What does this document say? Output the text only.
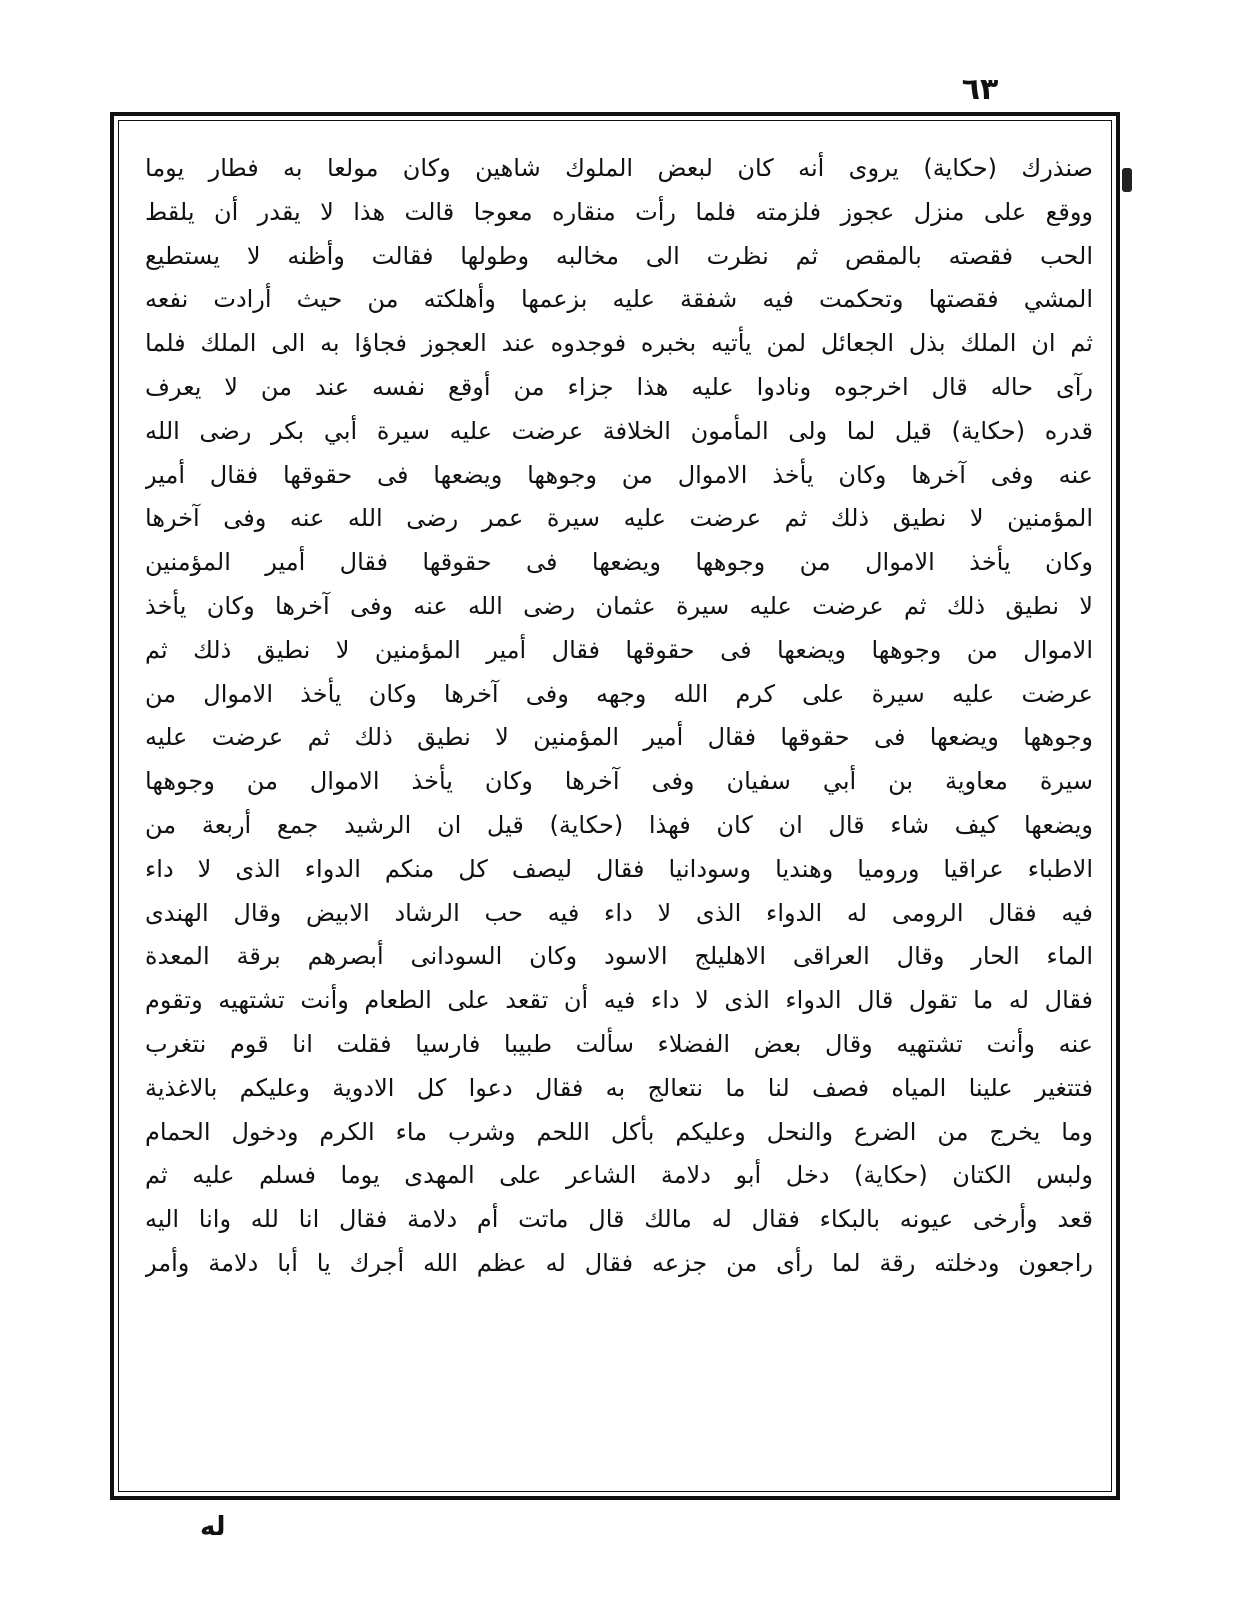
٦٣
صنذرك (حكاية) يروى أنه كان لبعض الملوك شاهين وكان مولعا به فطار يوما
ووقع على منزل عجوز فلزمته فلما رأت منقاره معوجا قالت هذا لا يقدر أن يلقط
الحب فقصته بالمقص ثم نظرت الى مخالبه وطولها فقالت وأظنه لا يستطيع
المشي فقصتها وتحكمت فيه شفقة عليه بزعمها وأهلكته من حيث أرادت نفعه
ثم ان الملك بذل الجعائل لمن يأتيه بخبره فوجدوه عند العجوز فجاؤا به الى الملك فلما
رآى حاله قال اخرجوه ونادوا عليه هذا جزاء من أوقع نفسه عند من لا يعرف
قدره (حكاية) قيل لما ولى المأمون الخلافة عرضت عليه سيرة أبي بكر رضى الله
عنه وفى آخرها وكان يأخذ الاموال من وجوهها ويضعها فى حقوقها فقال أمير
المؤمنين لا نطيق ذلك ثم عرضت عليه سيرة عمر رضى الله عنه وفى آخرها
وكان يأخذ الاموال من وجوهها ويضعها فى حقوقها فقال أمير المؤمنين
لا نطيق ذلك ثم عرضت عليه سيرة عثمان رضى الله عنه وفى آخرها وكان يأخذ
الاموال من وجوهها ويضعها فى حقوقها فقال أمير المؤمنين لا نطيق ذلك ثم
عرضت عليه سيرة على كرم الله وجهه وفى آخرها وكان يأخذ الاموال من
وجوهها ويضعها فى حقوقها فقال أمير المؤمنين لا نطيق ذلك ثم عرضت عليه
سيرة معاوية بن أبي سفيان وفى آخرها وكان يأخذ الاموال من وجوهها
ويضعها كيف شاء قال ان كان فهذا (حكاية) قيل ان الرشيد جمع أربعة من
الاطباء عراقيا وروميا وهنديا وسودانيا فقال ليصف كل منكم الدواء الذى لا داء
فيه فقال الرومى له الدواء الذى لا داء فيه حب الرشاد الابيض وقال الهندى
الماء الحار وقال العراقى الاهليلج الاسود وكان السودانى أبصرهم برقة المعدة
فقال له ما تقول قال الدواء الذى لا داء فيه أن تقعد على الطعام وأنت تشتهيه وتقوم
عنه وأنت تشتهيه وقال بعض الفضلاء سألت طبيبا فارسيا فقلت انا قوم نتغرب
فتتغير علينا المياه فصف لنا ما نتعالج به فقال دعوا كل الادوية وعليكم بالاغذية
وما يخرج من الضرع والنحل وعليكم بأكل اللحم وشرب ماء الكرم ودخول الحمام
ولبس الكتان (حكاية) دخل أبو دلامة الشاعر على المهدى يوما فسلم عليه ثم
قعد وأرخى عيونه بالبكاء فقال له مالك قال ماتت أم دلامة فقال انا لله وانا اليه
راجعون ودخلته رقة لما رأى من جزعه فقال له عظم الله أجرك يا أبا دلامة وأمر
له
